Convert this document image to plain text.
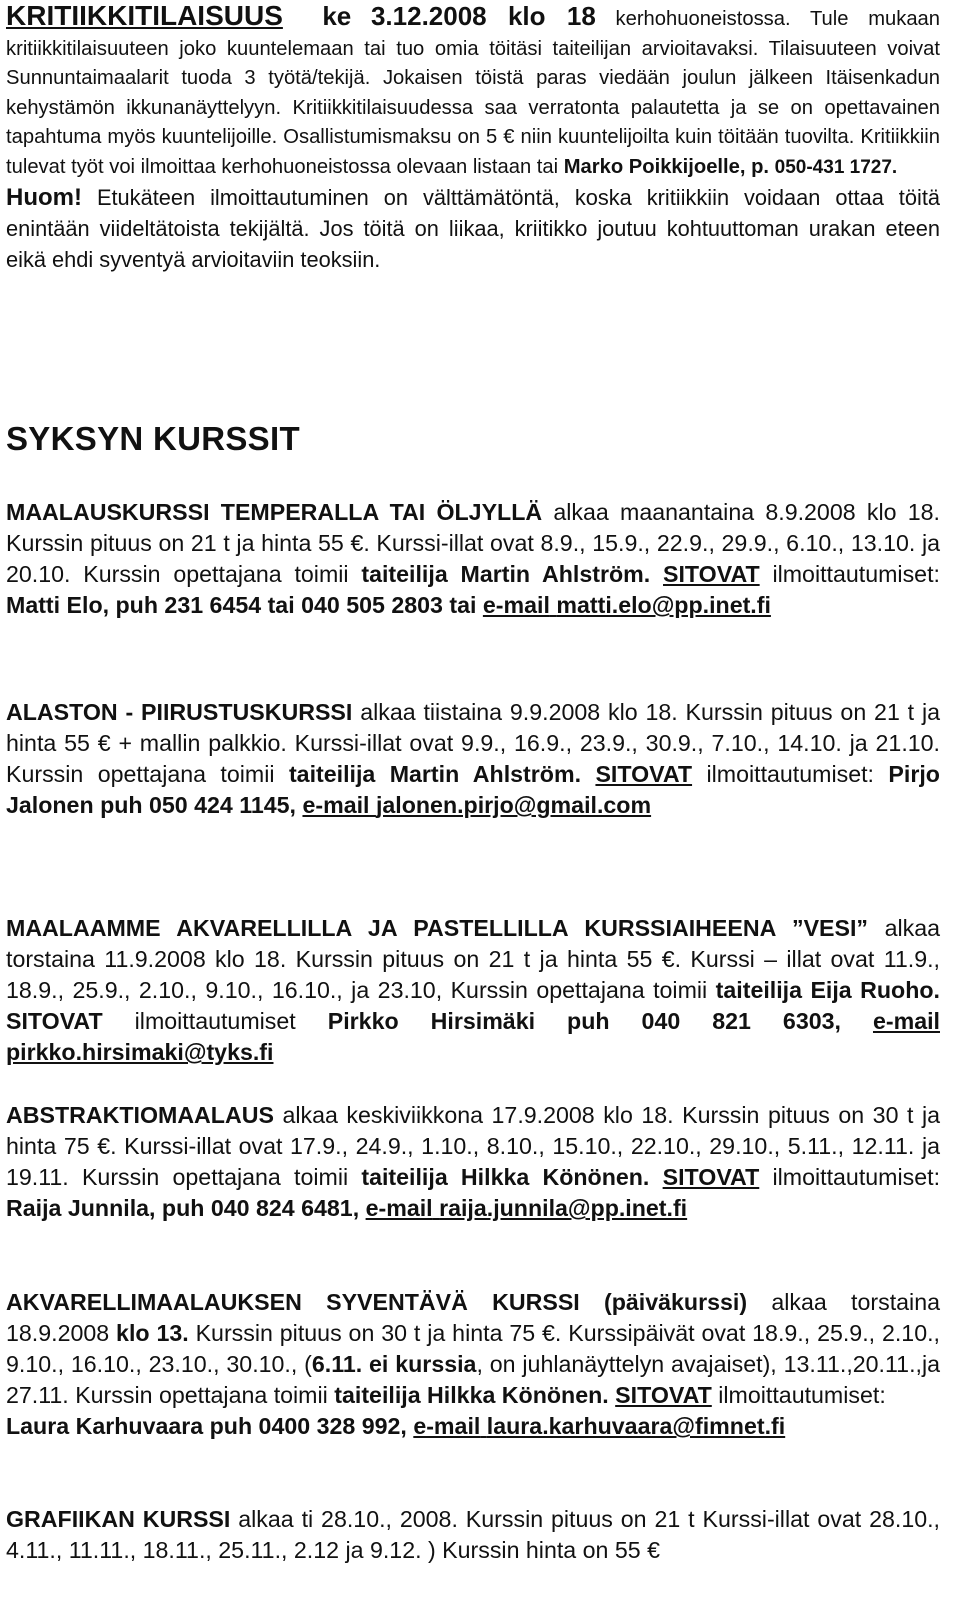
KRITIIKKITILAISUUS ke 3.12.2008 klo 18 kerhohuoneistossa. Tule mukaan kritiikkitilaisuuteen joko kuuntelemaan tai tuo omia töitäsi taiteilijan arvioitavaksi. Tilaisuuteen voivat Sunnuntaimaalarit tuoda 3 työtä/tekijä. Jokaisen töistä paras viedään joulun jälkeen Itäisenkadun kehystämön ikkunanäyttelyyn. Kritiikkitilaisuudessa saa verratonta palautetta ja se on opettavainen tapahtuma myös kuuntelijoille. Osallistumismaksu on 5 € niin kuuntelijoilta kuin töitään tuovilta. Kritiikkiin tulevat työt voi ilmoittaa kerhohuoneistossa olevaan listaan tai Marko Poikkijoelle, p. 050-431 1727.

Huom! Etukäteen ilmoittautuminen on välttämätöntä, koska kritiikkiin voidaan ottaa töitä enintään viideltätoista tekijältä. Jos töitä on liikaa, kriitikko joutuu kohtuuttoman urakan eteen eikä ehdi syventyä arvioitaviin teoksiin.

SYKSYN KURSSIT

MAALAUSKURSSI TEMPERALLA TAI ÖLJYLLÄ alkaa maanantaina 8.9.2008 klo 18. Kurssin pituus on 21 t ja hinta 55 €. Kurssi-illat ovat 8.9., 15.9., 22.9., 29.9., 6.10., 13.10. ja 20.10. Kurssin opettajana toimii taiteilija Martin Ahlström. SITOVAT ilmoittautumiset: Matti Elo, puh 231 6454 tai 040 505 2803 tai e-mail matti.elo@pp.inet.fi

ALASTON - PIIRUSTUSKURSSI alkaa tiistaina 9.9.2008 klo 18. Kurssin pituus on 21 t ja hinta 55 € + mallin palkkio. Kurssi-illat ovat 9.9., 16.9., 23.9., 30.9., 7.10., 14.10. ja 21.10. Kurssin opettajana toimii taiteilija Martin Ahlström. SITOVAT ilmoittautumiset: Pirjo Jalonen puh 050 424 1145, e-mail jalonen.pirjo@gmail.com

MAALAAMME AKVARELLILLA JA PASTELLILLA KURSSIAIHEENA ”VESI” alkaa torstaina 11.9.2008 klo 18. Kurssin pituus on 21 t ja hinta 55 €. Kurssi – illat ovat 11.9., 18.9., 25.9., 2.10., 9.10., 16.10., ja 23.10, Kurssin opettajana toimii taiteilija Eija Ruoho. SITOVAT ilmoittautumiset Pirkko Hirsimäki puh 040 821 6303, e-mail pirkko.hirsimaki@tyks.fi

ABSTRAKTIOMAALAUS alkaa keskiviikkona 17.9.2008 klo 18. Kurssin pituus on 30 t ja hinta 75 €. Kurssi-illat ovat 17.9., 24.9., 1.10., 8.10., 15.10., 22.10., 29.10., 5.11., 12.11. ja 19.11. Kurssin opettajana toimii taiteilija Hilkka Könönen. SITOVAT ilmoittautumiset: Raija Junnila, puh 040 824 6481, e-mail raija.junnila@pp.inet.fi

AKVARELLIMAALAUKSEN SYVENTÄVÄ KURSSI (päiväkurssi) alkaa torstaina 18.9.2008 klo 13. Kurssin pituus on 30 t ja hinta 75 €. Kurssipäivät ovat 18.9., 25.9., 2.10., 9.10., 16.10., 23.10., 30.10., (6.11. ei kurssia, on juhlanäyttelyn avajaiset), 13.11.,20.11.,ja 27.11. Kurssin opettajana toimii taiteilija Hilkka Könönen. SITOVAT ilmoittautumiset:
Laura Karhuvaara puh 0400 328 992, e-mail laura.karhuvaara@fimnet.fi

GRAFIIKAN KURSSI alkaa ti 28.10., 2008. Kurssin pituus on 21 t Kurssi-illat ovat 28.10., 4.11., 11.11., 18.11., 25.11., 2.12 ja 9.12. ) Kurssin hinta on 55 €
